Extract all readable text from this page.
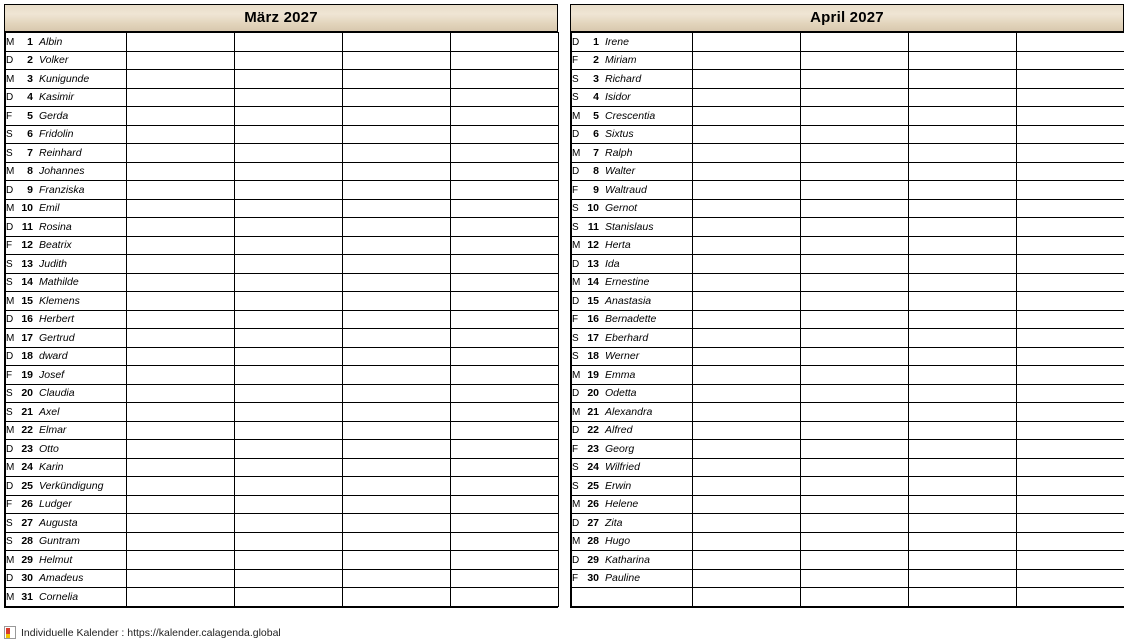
März 2027
M 1 Albin				
D 2 Volker				
M 3 Kunigunde				
D 4 Kasimir				
F 5 Gerda				
S 6 Fridolin				
S 7 Reinhard				
M 8 Johannes				
D 9 Franziska				
M 10 Emil				
D 11 Rosina				
F 12 Beatrix				
S 13 Judith				
S 14 Mathilde				
M 15 Klemens				
D 16 Herbert				
M 17 Gertrud				
D 18 dward				
F 19 Josef				
S 20 Claudia				
S 21 Axel				
M 22 Elmar				
D 23 Otto				
M 24 Karin				
D 25 Verkündigung				
F 26 Ludger				
S 27 Augusta				
S 28 Guntram				
M 29 Helmut				
D 30 Amadeus				
M 31 Cornelia				
April 2027
D 1 Irene				
F 2 Miriam				
S 3 Richard				
S 4 Isidor				
M 5 Crescentia				
D 6 Sixtus				
M 7 Ralph				
D 8 Walter				
F 9 Waltraud				
S 10 Gernot				
S 11 Stanislaus				
M 12 Herta				
D 13 Ida				
M 14 Ernestine				
D 15 Anastasia				
F 16 Bernadette				
S 17 Eberhard				
S 18 Werner				
M 19 Emma				
D 20 Odetta				
M 21 Alexandra				
D 22 Alfred				
F 23 Georg				
S 24 Wilfried				
S 25 Erwin				
M 26 Helene				
D 27 Zita				
M 28 Hugo				
D 29 Katharina				
F 30 Pauline				

Individuelle Kalender : https://kalender.calagenda.global
